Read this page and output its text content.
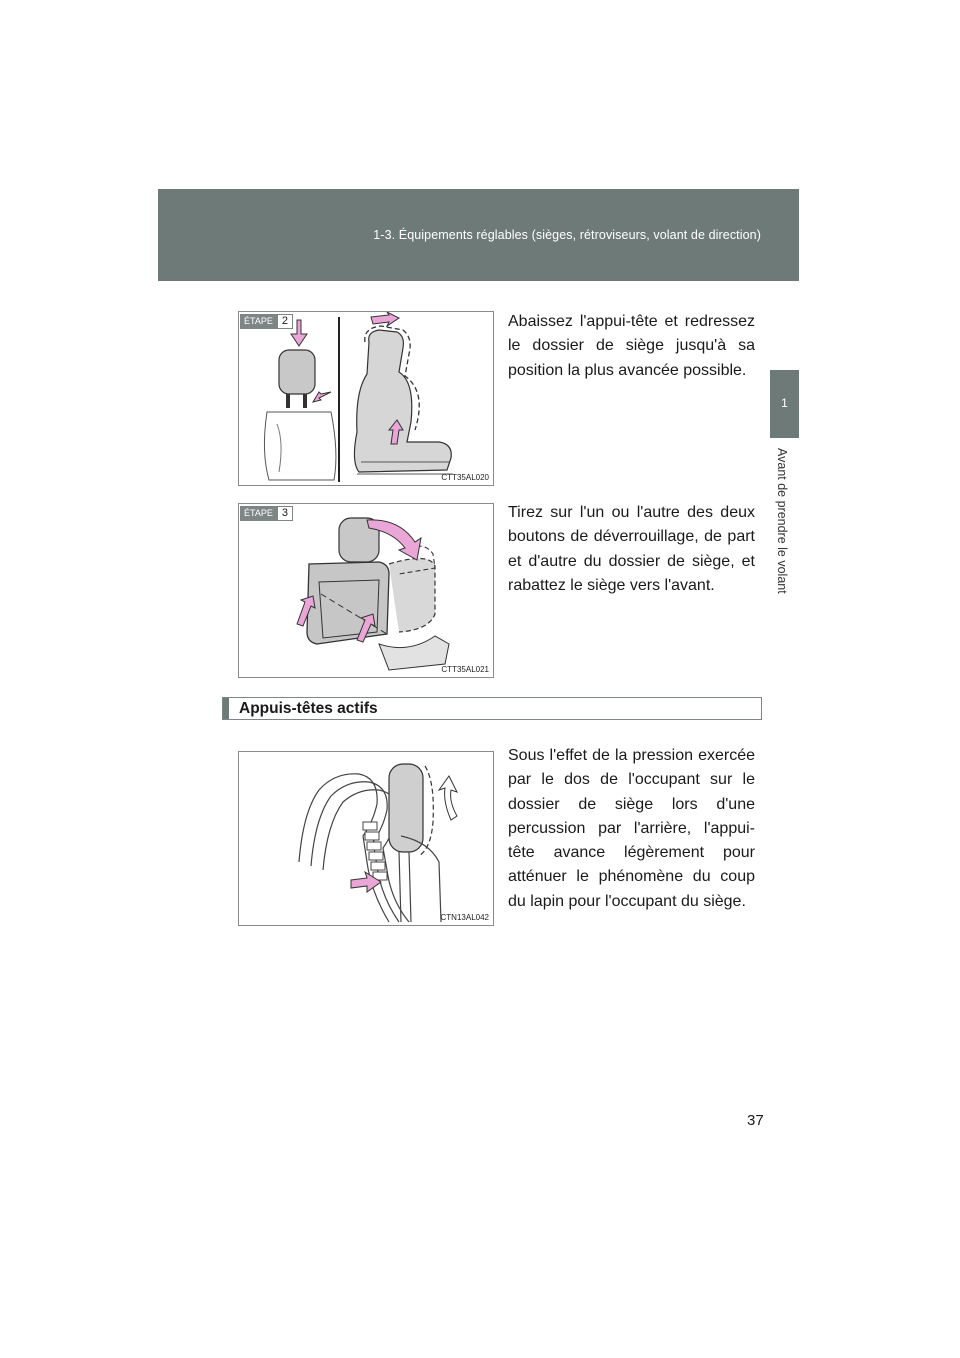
1-3. Équipements réglables (sièges, rétroviseurs, volant de direction)
1
Avant de prendre le volant
ÉTAPE 2
CTT35AL020
Abaissez l'appui-tête et redressez le dossier de siège jusqu'à sa position la plus avancée possible.
ÉTAPE 3
CTT35AL021
Tirez sur l'un ou l'autre des deux boutons de déverrouillage, de part et d'autre du dossier de siège, et rabattez le siège vers l'avant.
Appuis-têtes actifs
CTN13AL042
Sous l'effet de la pression exercée par le dos de l'occupant sur le dossier de siège lors d'une percussion par l'arrière, l'appui-tête avance légèrement pour atténuer le phénomène du coup du lapin pour l'occupant du siège.
37
